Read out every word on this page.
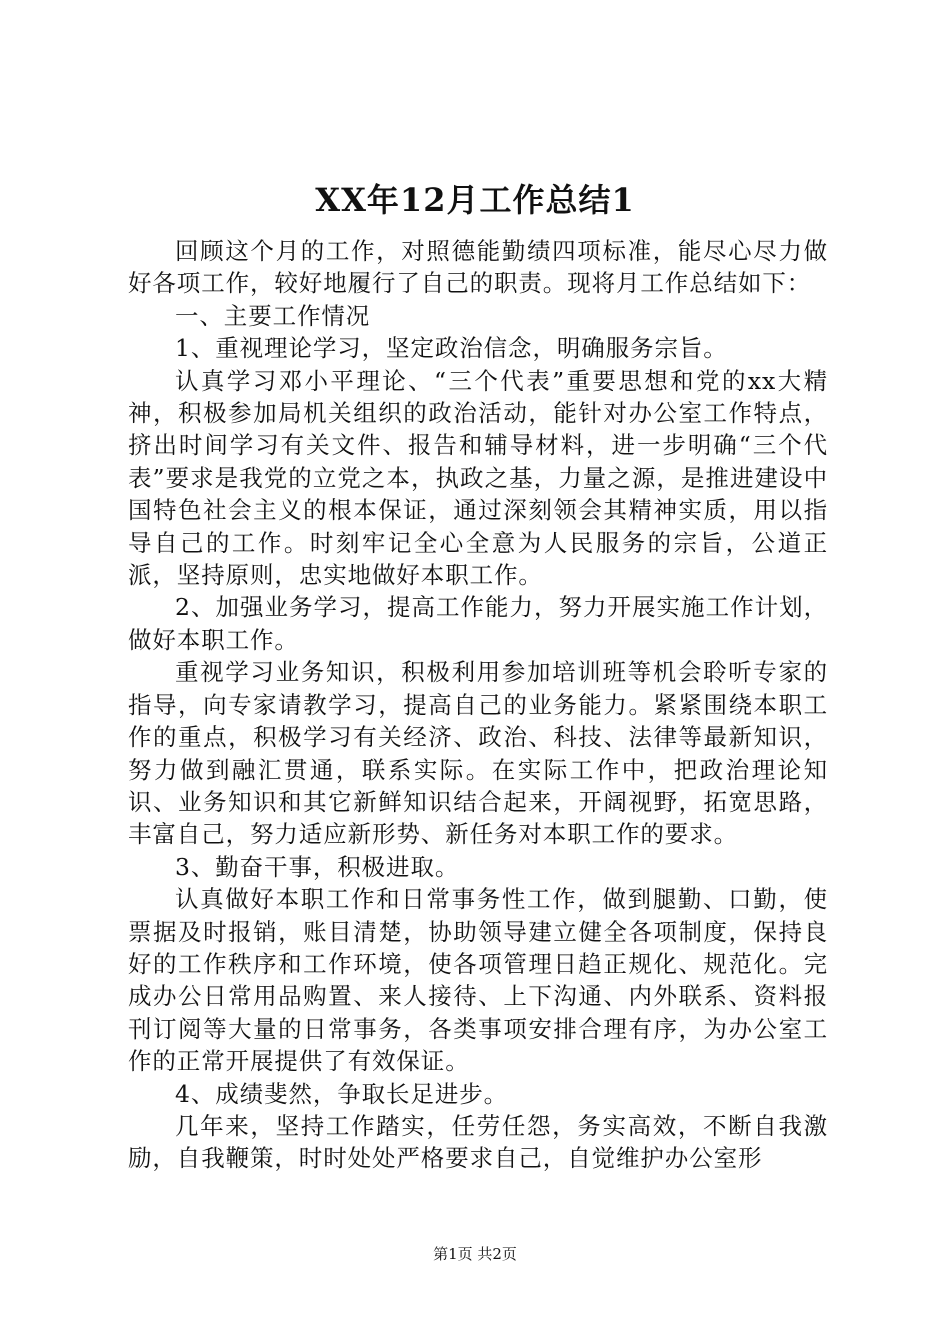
XX年12月工作总结1

回顾这个月的工作，对照德能勤绩四项标准，能尽心尽力做好各项工作，较好地履行了自己的职责。现将月工作总结如下：

一、主要工作情况

1、重视理论学习，坚定政治信念，明确服务宗旨。

认真学习邓小平理论、“三个代表”重要思想和党的xx大精神，积极参加局机关组织的政治活动，能针对办公室工作特点，挤出时间学习有关文件、报告和辅导材料，进一步明确“三个代表”要求是我党的立党之本，执政之基，力量之源，是推进建设中国特色社会主义的根本保证，通过深刻领会其精神实质，用以指导自己的工作。时刻牢记全心全意为人民服务的宗旨，公道正派，坚持原则，忠实地做好本职工作。

2、加强业务学习，提高工作能力，努力开展实施工作计划，做好本职工作。

重视学习业务知识，积极利用参加培训班等机会聆听专家的指导，向专家请教学习，提高自己的业务能力。紧紧围绕本职工作的重点，积极学习有关经济、政治、科技、法律等最新知识，努力做到融汇贯通，联系实际。在实际工作中，把政治理论知识、业务知识和其它新鲜知识结合起来，开阔视野，拓宽思路，丰富自己，努力适应新形势、新任务对本职工作的要求。

3、勤奋干事，积极进取。

认真做好本职工作和日常事务性工作，做到腿勤、口勤，使票据及时报销，账目清楚，协助领导建立健全各项制度，保持良好的工作秩序和工作环境，使各项管理日趋正规化、规范化。完成办公日常用品购置、来人接待、上下沟通、内外联系、资料报刊订阅等大量的日常事务，各类事项安排合理有序，为办公室工作的正常开展提供了有效保证。

4、成绩斐然，争取长足进步。

几年来，坚持工作踏实，任劳任怨，务实高效，不断自我激励，自我鞭策，时时处处严格要求自己，自觉维护办公室形

第1页 共2页
